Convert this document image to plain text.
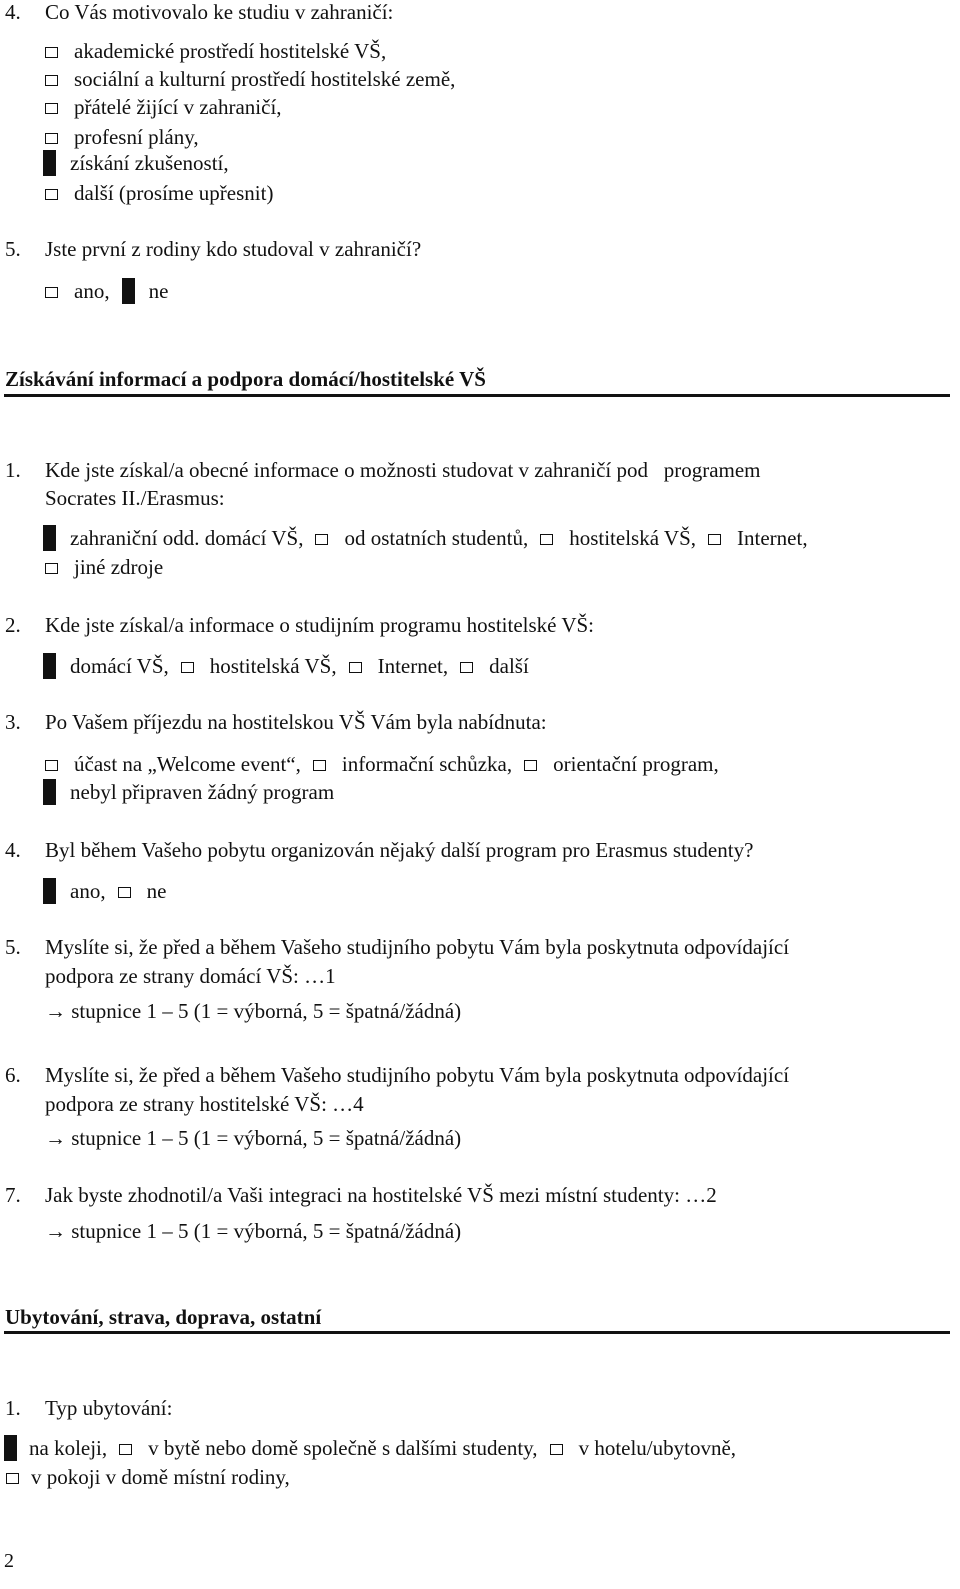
4. Co Vás motivovalo ke studiu v zahraničí:
akademické prostředí hostitelské VŠ,
sociální a kulturní prostředí hostitelské země,
přátelé žijící v zahraničí,
profesní plány,
získání zkušeností,
další (prosíme upřesnit)
5. Jste první z rodiny kdo studoval v zahraničí?
ano, ne
Získávání informací a podpora domácí/hostitelské VŠ
1. Kde jste získal/a obecné informace o možnosti studovat v zahraničí pod   programem
Socrates II./Erasmus:
zahraniční odd. domácí VŠ, od ostatních studentů, hostitelská VŠ, Internet,
jiné zdroje
2. Kde jste získal/a informace o studijním programu hostitelské VŠ:
domácí VŠ, hostitelská VŠ, Internet, další
3. Po Vašem příjezdu na hostitelskou VŠ Vám byla nabídnuta:
účast na „Welcome event“, informační schůzka, orientační program,
nebyl připraven žádný program
4. Byl během Vašeho pobytu organizován nějaký další program pro Erasmus studenty?
ano, ne
5. Myslíte si, že před a během Vašeho studijního pobytu Vám byla poskytnuta odpovídající
podpora ze strany domácí VŠ: …1
→ stupnice 1 – 5 (1 = výborná, 5 = špatná/žádná)
6. Myslíte si, že před a během Vašeho studijního pobytu Vám byla poskytnuta odpovídající
podpora ze strany hostitelské VŠ: …4
→ stupnice 1 – 5 (1 = výborná, 5 = špatná/žádná)
7. Jak byste zhodnotil/a Vaši integraci na hostitelské VŠ mezi místní studenty: …2
→ stupnice 1 – 5 (1 = výborná, 5 = špatná/žádná)
Ubytování, strava, doprava, ostatní
1. Typ ubytování:
na koleji, v bytě nebo domě společně s dalšími studenty, v hotelu/ubytovně,
v pokoji v domě místní rodiny,
2
